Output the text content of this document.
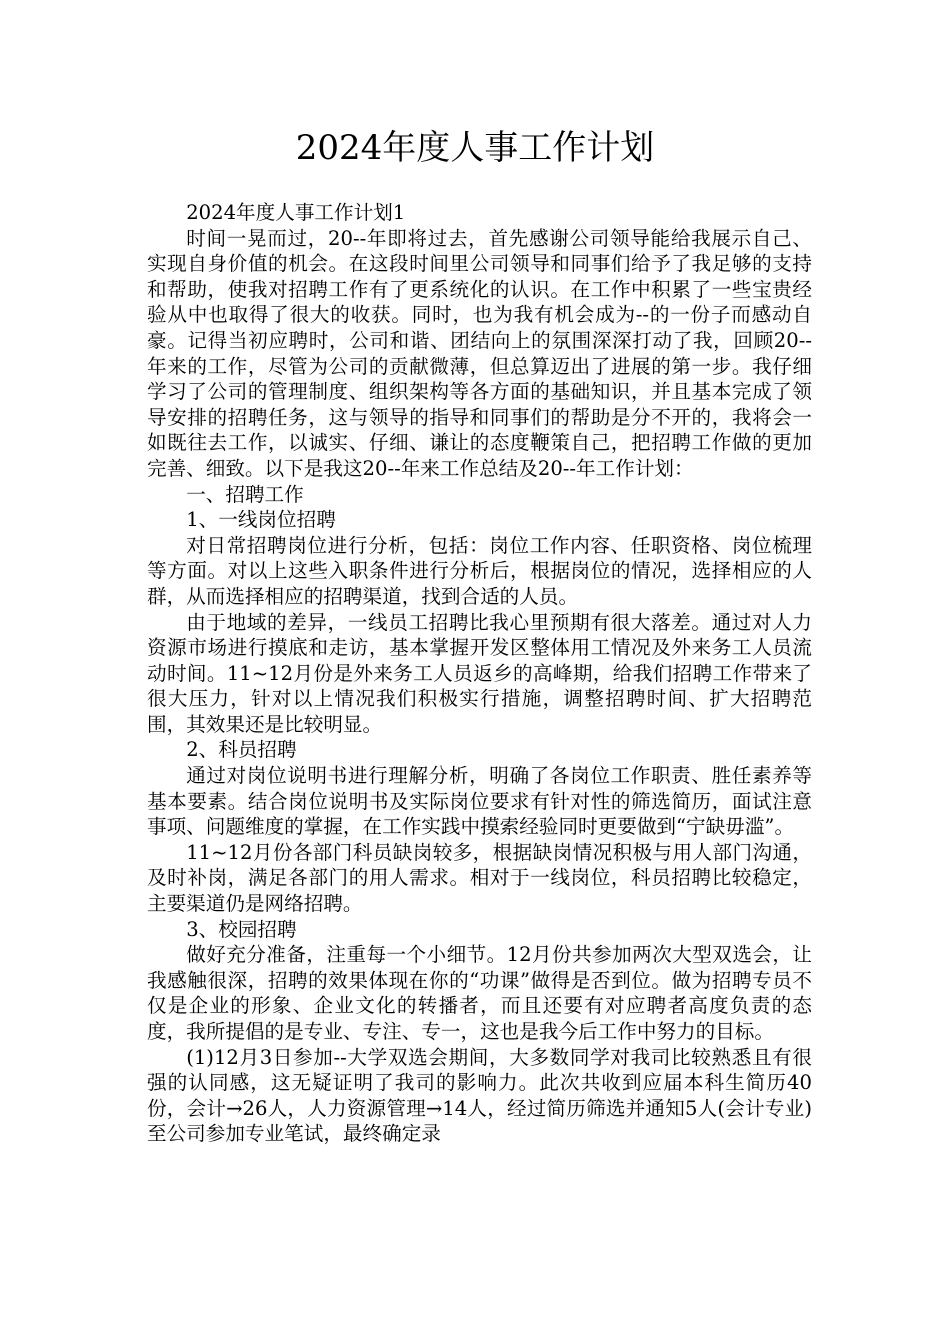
2024年度人事工作计划

2024年度人事工作计划1

时间一晃而过，20--年即将过去，首先感谢公司领导能给我展示自己、实现自身价值的机会。在这段时间里公司领导和同事们给予了我足够的支持和帮助，使我对招聘工作有了更系统化的认识。在工作中积累了一些宝贵经验从中也取得了很大的收获。同时，也为我有机会成为--的一份子而感动自豪。记得当初应聘时，公司和谐、团结向上的氛围深深打动了我，回顾20--年来的工作，尽管为公司的贡献微薄，但总算迈出了进展的第一步。我仔细学习了公司的管理制度、组织架构等各方面的基础知识，并且基本完成了领导安排的招聘任务，这与领导的指导和同事们的帮助是分不开的，我将会一如既往去工作，以诚实、仔细、谦让的态度鞭策自己，把招聘工作做的更加完善、细致。以下是我这20--年来工作总结及20--年工作计划：

一、招聘工作

1、一线岗位招聘

对日常招聘岗位进行分析，包括：岗位工作内容、任职资格、岗位梳理等方面。对以上这些入职条件进行分析后，根据岗位的情况，选择相应的人群，从而选择相应的招聘渠道，找到合适的人员。

由于地域的差异，一线员工招聘比我心里预期有很大落差。通过对人力资源市场进行摸底和走访，基本掌握开发区整体用工情况及外来务工人员流动时间。11~12月份是外来务工人员返乡的高峰期，给我们招聘工作带来了很大压力，针对以上情况我们积极实行措施，调整招聘时间、扩大招聘范围，其效果还是比较明显。

2、科员招聘

通过对岗位说明书进行理解分析，明确了各岗位工作职责、胜任素养等基本要素。结合岗位说明书及实际岗位要求有针对性的筛选简历，面试注意事项、问题维度的掌握，在工作实践中摸索经验同时更要做到“宁缺毋滥”。

11~12月份各部门科员缺岗较多，根据缺岗情况积极与用人部门沟通，及时补岗，满足各部门的用人需求。相对于一线岗位，科员招聘比较稳定，主要渠道仍是网络招聘。

3、校园招聘

做好充分准备，注重每一个小细节。12月份共参加两次大型双选会，让我感触很深，招聘的效果体现在你的“功课”做得是否到位。做为招聘专员不仅是企业的形象、企业文化的转播者，而且还要有对应聘者高度负责的态度，我所提倡的是专业、专注、专一，这也是我今后工作中努力的目标。

(1)12月3日参加--大学双选会期间，大多数同学对我司比较熟悉且有很强的认同感，这无疑证明了我司的影响力。此次共收到应届本科生简历40份，会计→26人，人力资源管理→14人，经过简历筛选并通知5人(会计专业)至公司参加专业笔试，最终确定录
